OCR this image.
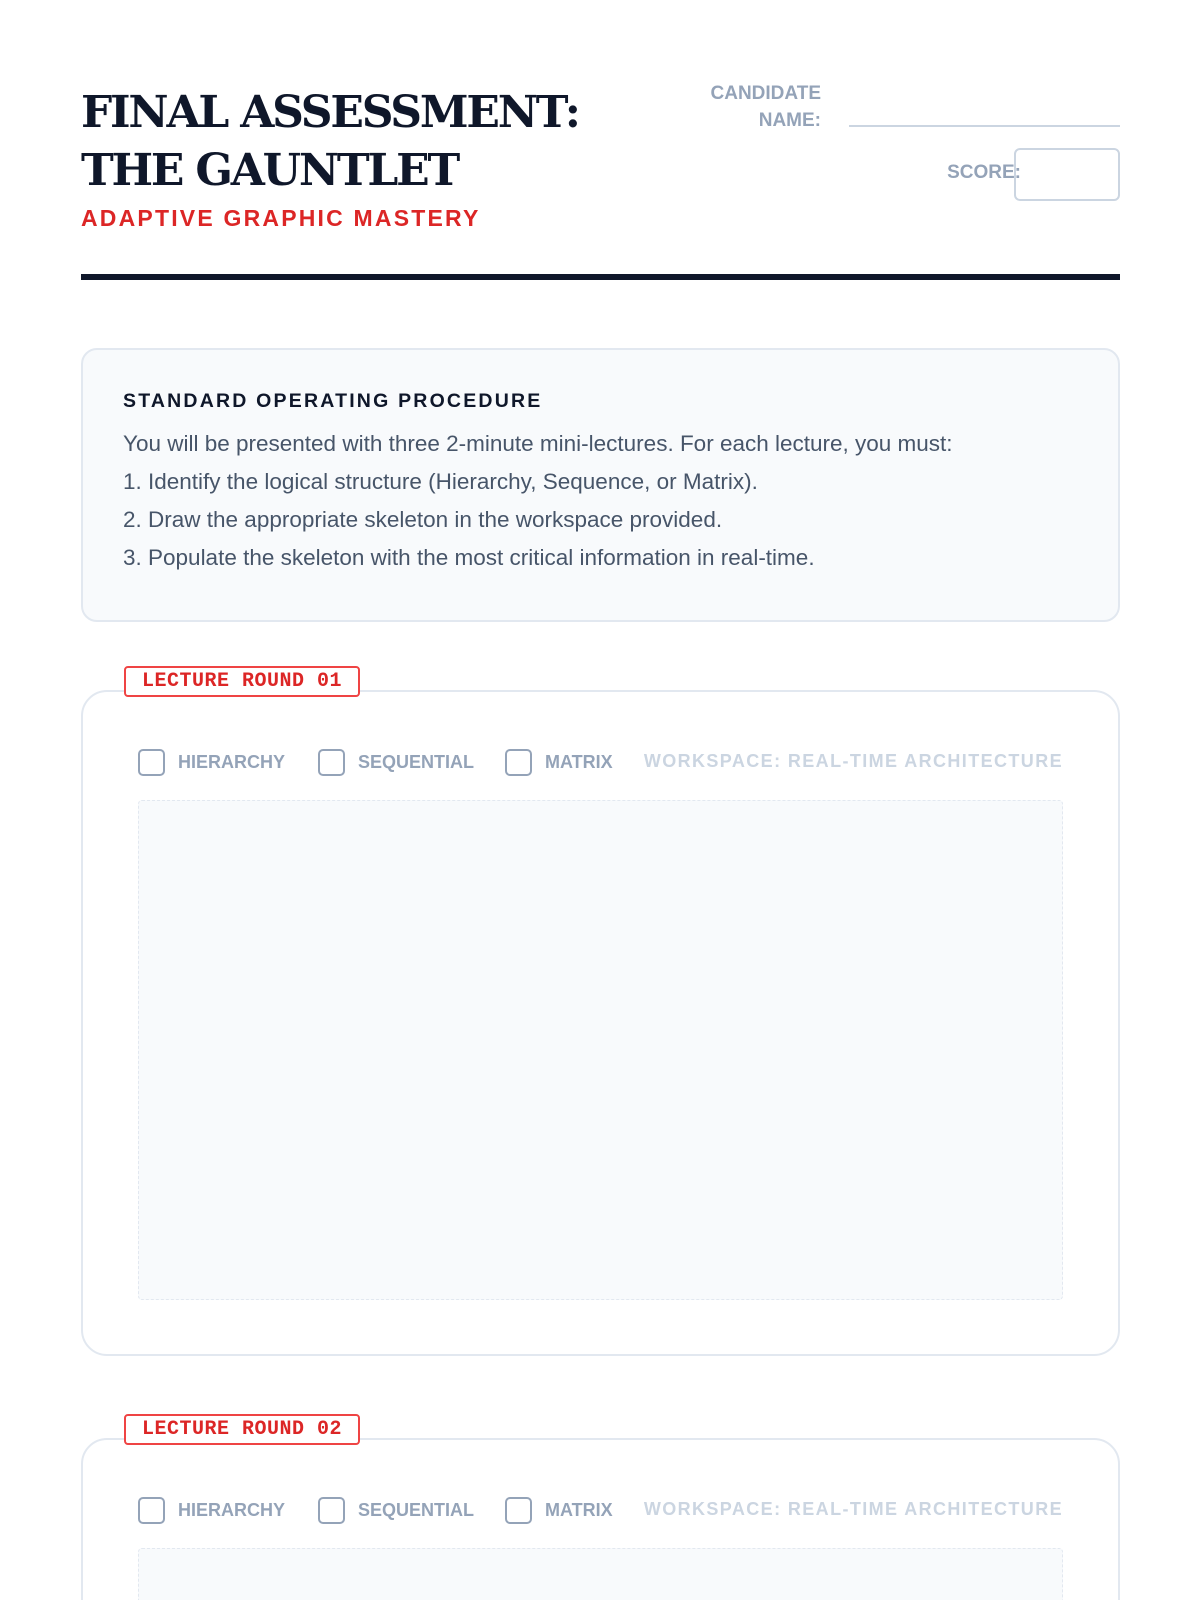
FINAL ASSESSMENT: THE GAUNTLET
ADAPTIVE GRAPHIC MASTERY
CANDIDATE NAME:
SCORE:
STANDARD OPERATING PROCEDURE

You will be presented with three 2-minute mini-lectures. For each lecture, you must:

1. Identify the logical structure (Hierarchy, Sequence, or Matrix).

2. Draw the appropriate skeleton in the workspace provided.

3. Populate the skeleton with the most critical information in real-time.

LECTURE ROUND 01
HIERARCHY	SEQUENTIAL	MATRIX WORKSPACE: REAL-TIME ARCHITECTURE
LECTURE ROUND 02
HIERARCHY	SEQUENTIAL	MATRIX WORKSPACE: REAL-TIME ARCHITECTURE
